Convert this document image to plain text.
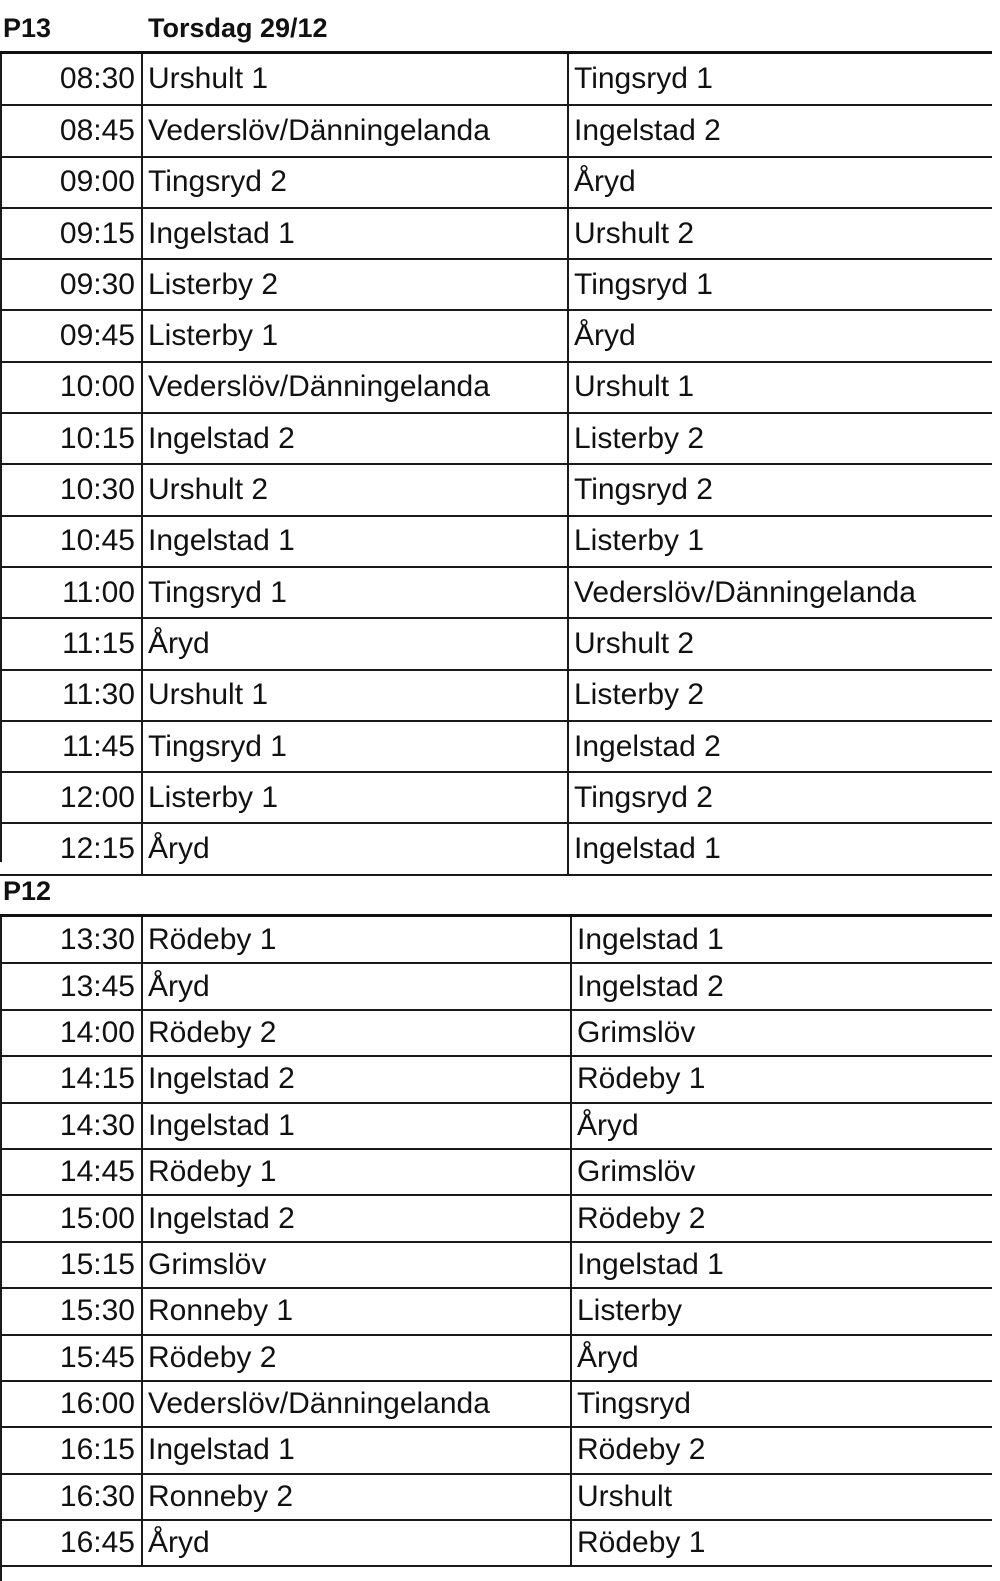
P13	Torsdag 29/12
08:30	Urshult 1	Tingsryd 1
08:45	Vederslöv/Dänningelanda	Ingelstad 2
09:00	Tingsryd 2	Åryd
09:15	Ingelstad 1	Urshult 2
09:30	Listerby 2	Tingsryd 1
09:45	Listerby 1	Åryd
10:00	Vederslöv/Dänningelanda	Urshult 1
10:15	Ingelstad 2	Listerby 2
10:30	Urshult 2	Tingsryd 2
10:45	Ingelstad 1	Listerby 1
11:00	Tingsryd 1	Vederslöv/Dänningelanda
11:15	Åryd	Urshult 2
11:30	Urshult 1	Listerby 2
11:45	Tingsryd 1	Ingelstad 2
12:00	Listerby 1	Tingsryd 2
12:15	Åryd	Ingelstad 1
P12
13:30	Rödeby 1	Ingelstad 1
13:45	Åryd	Ingelstad 2
14:00	Rödeby 2	Grimslöv
14:15	Ingelstad 2	Rödeby 1
14:30	Ingelstad 1	Åryd
14:45	Rödeby 1	Grimslöv
15:00	Ingelstad 2	Rödeby 2
15:15	Grimslöv	Ingelstad 1
15:30	Ronneby 1	Listerby
15:45	Rödeby 2	Åryd
16:00	Vederslöv/Dänningelanda	Tingsryd
16:15	Ingelstad 1	Rödeby 2
16:30	Ronneby 2	Urshult
16:45	Åryd	Rödeby 1
